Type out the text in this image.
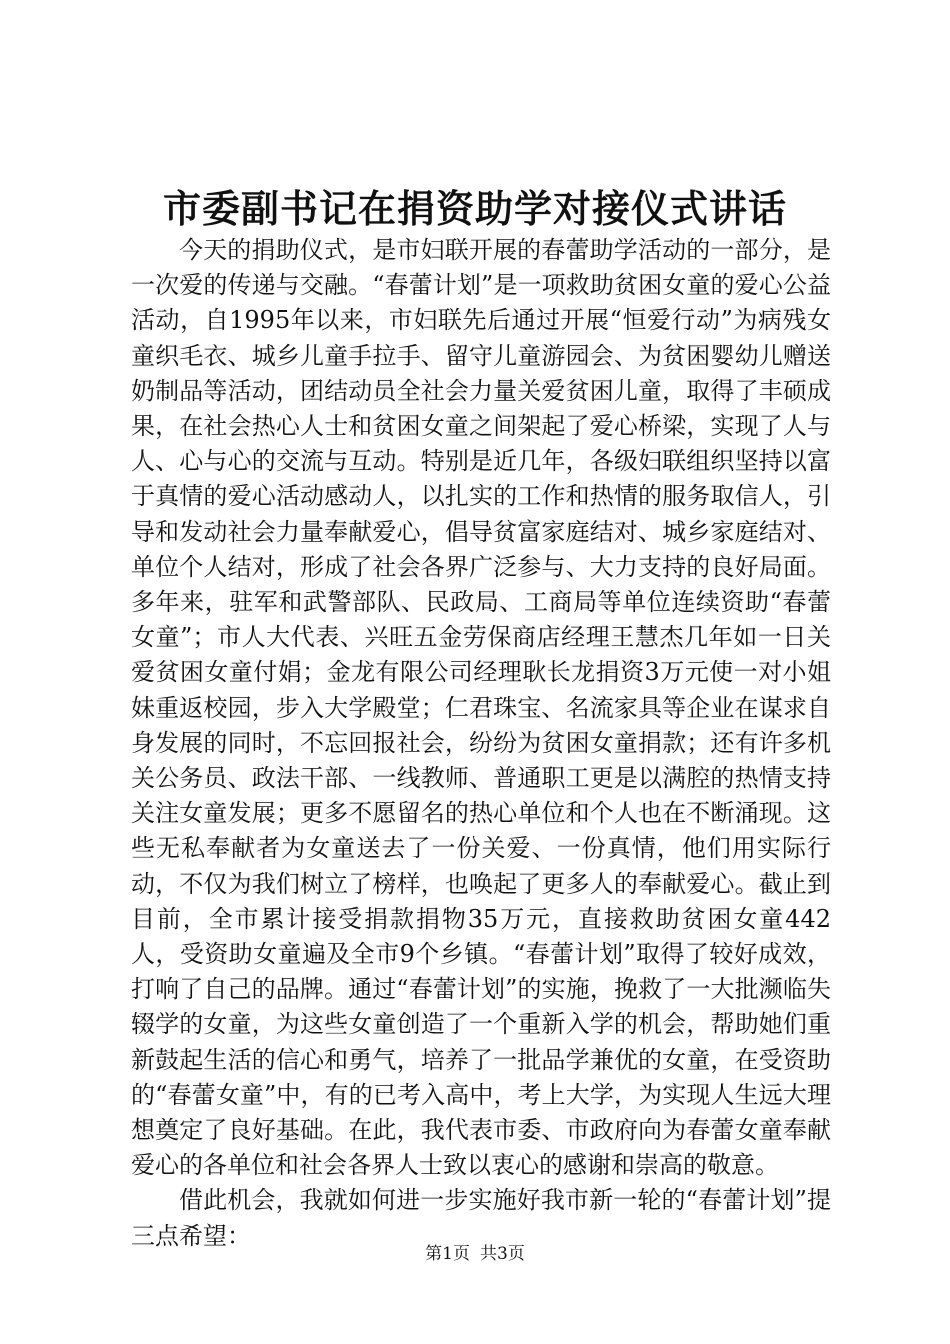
市委副书记在捐资助学对接仪式讲话

今天的捐助仪式，是市妇联开展的春蕾助学活动的一部分，是一次爱的传递与交融。“春蕾计划”是一项救助贫困女童的爱心公益活动，自1995年以来，市妇联先后通过开展“恒爱行动”为病残女童织毛衣、城乡儿童手拉手、留守儿童游园会、为贫困婴幼儿赠送奶制品等活动，团结动员全社会力量关爱贫困儿童，取得了丰硕成果，在社会热心人士和贫困女童之间架起了爱心桥梁，实现了人与人、心与心的交流与互动。特别是近几年，各级妇联组织坚持以富于真情的爱心活动感动人，以扎实的工作和热情的服务取信人，引导和发动社会力量奉献爱心，倡导贫富家庭结对、城乡家庭结对、单位个人结对，形成了社会各界广泛参与、大力支持的良好局面。多年来，驻军和武警部队、民政局、工商局等单位连续资助“春蕾女童”；市人大代表、兴旺五金劳保商店经理王慧杰几年如一日关爱贫困女童付娟；金龙有限公司经理耿长龙捐资3万元使一对小姐妹重返校园，步入大学殿堂；仁君珠宝、名流家具等企业在谋求自身发展的同时，不忘回报社会，纷纷为贫困女童捐款；还有许多机关公务员、政法干部、一线教师、普通职工更是以满腔的热情支持关注女童发展；更多不愿留名的热心单位和个人也在不断涌现。这些无私奉献者为女童送去了一份关爱、一份真情，他们用实际行动，不仅为我们树立了榜样，也唤起了更多人的奉献爱心。截止到目前，全市累计接受捐款捐物35万元，直接救助贫困女童442人，受资助女童遍及全市9个乡镇。“春蕾计划”取得了较好成效，打响了自己的品牌。通过“春蕾计划”的实施，挽救了一大批濒临失辍学的女童，为这些女童创造了一个重新入学的机会，帮助她们重新鼓起生活的信心和勇气，培养了一批品学兼优的女童，在受资助的“春蕾女童”中，有的已考入高中，考上大学，为实现人生远大理想奠定了良好基础。在此，我代表市委、市政府向为春蕾女童奉献爱心的各单位和社会各界人士致以衷心的感谢和崇高的敬意。

借此机会，我就如何进一步实施好我市新一轮的“春蕾计划”提三点希望：

第1页 共3页
